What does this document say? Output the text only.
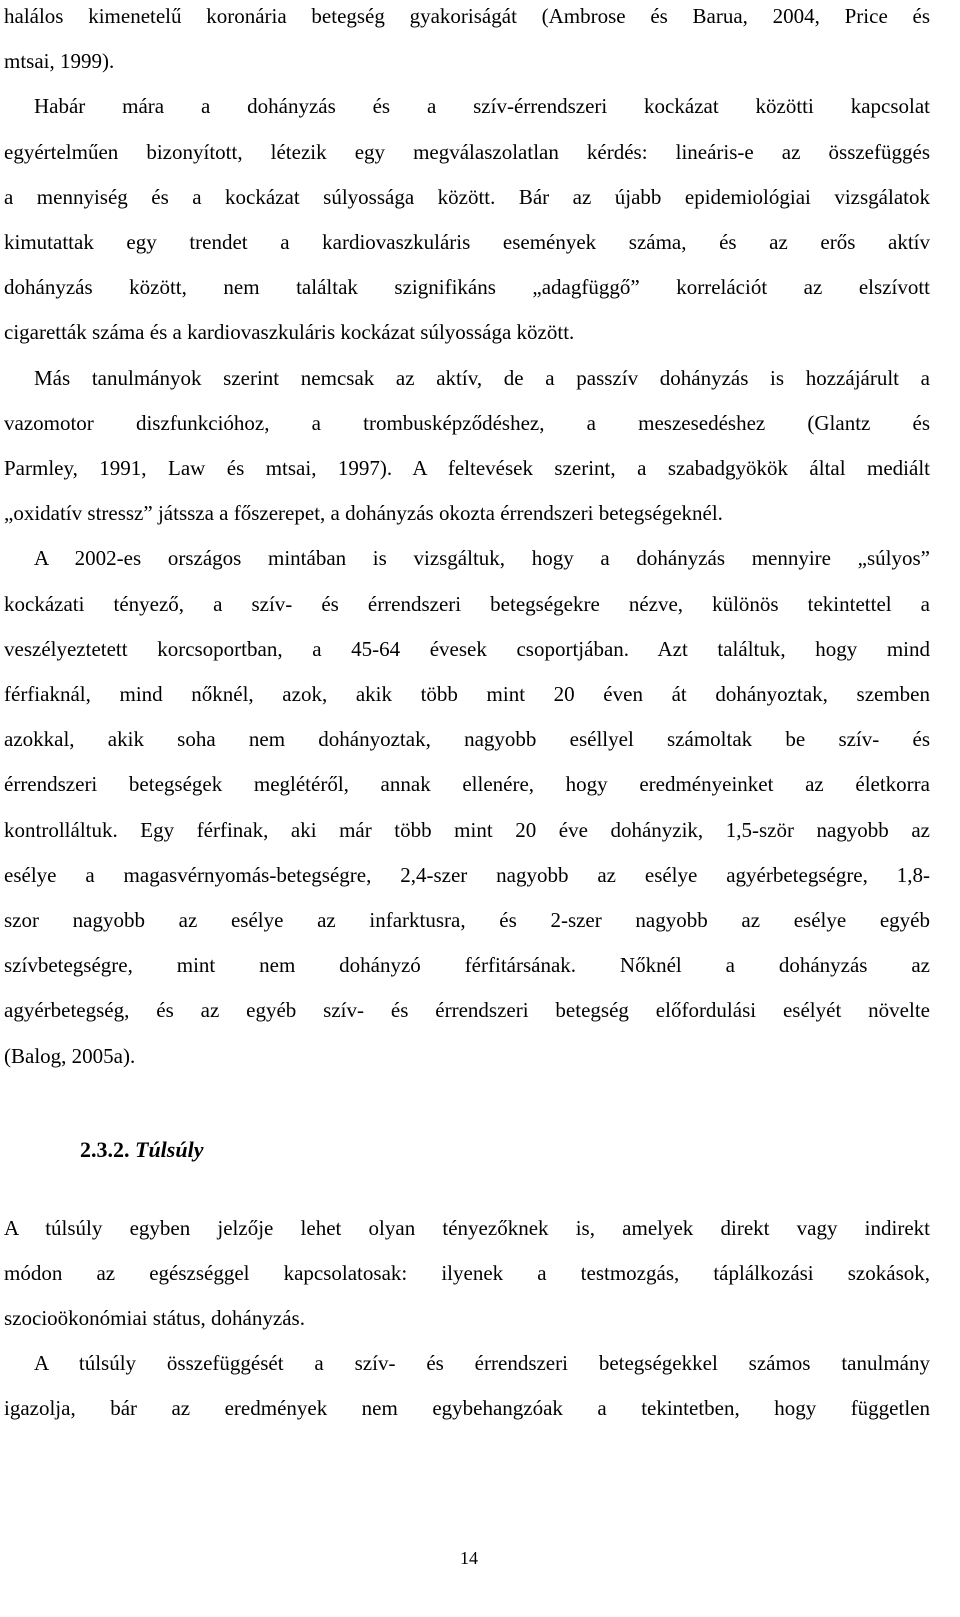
halálos kimenetelű koronária betegség gyakoriságát (Ambrose és Barua, 2004, Price és
mtsai, 1999).
Habár mára a dohányzás és a szív-érrendszeri kockázat közötti kapcsolat
egyértelműen bizonyított, létezik egy megválaszolatlan kérdés: lineáris-e az összefüggés
a mennyiség és a kockázat súlyossága között. Bár az újabb epidemiológiai vizsgálatok
kimutattak egy trendet a kardiovaszkuláris események száma, és az erős aktív
dohányzás között, nem találtak szignifikáns „adagfüggő” korrelációt az elszívott
cigaretták száma és a kardiovaszkuláris kockázat súlyossága között.
Más tanulmányok szerint nemcsak az aktív, de a passzív dohányzás is hozzájárult a
vazomotor diszfunkcióhoz, a trombusképződéshez, a meszesedéshez (Glantz és
Parmley, 1991, Law és mtsai, 1997). A feltevések szerint, a szabadgyökök által mediált
„oxidatív stressz” játssza a főszerepet, a dohányzás okozta érrendszeri betegségeknél.
A 2002-es országos mintában is vizsgáltuk, hogy a dohányzás mennyire „súlyos”
kockázati tényező, a szív- és érrendszeri betegségekre nézve, különös tekintettel a
veszélyeztetett korcsoportban, a 45-64 évesek csoportjában. Azt találtuk, hogy mind
férfiaknál, mind nőknél, azok, akik több mint 20 éven át dohányoztak, szemben
azokkal, akik soha nem dohányoztak, nagyobb eséllyel számoltak be szív- és
érrendszeri betegségek meglétéről, annak ellenére, hogy eredményeinket az életkorra
kontrolláltuk. Egy férfinak, aki már több mint 20 éve dohányzik, 1,5-ször nagyobb az
esélye a magasvérnyomás-betegségre, 2,4-szer nagyobb az esélye agyérbetegségre, 1,8-
szor nagyobb az esélye az infarktusra, és 2-szer nagyobb az esélye egyéb
szívbetegségre, mint nem dohányzó férfitársának. Nőknél a dohányzás az
agyérbetegség, és az egyéb szív- és érrendszeri betegség előfordulási esélyét növelte
(Balog, 2005a).
2.3.2. Túlsúly
A túlsúly egyben jelzője lehet olyan tényezőknek is, amelyek direkt vagy indirekt
módon az egészséggel kapcsolatosak: ilyenek a testmozgás, táplálkozási szokások,
szocioökonómiai státus, dohányzás.
A túlsúly összefüggését a szív- és érrendszeri betegségekkel számos tanulmány
igazolja, bár az eredmények nem egybehangzóak a tekintetben, hogy független
14
